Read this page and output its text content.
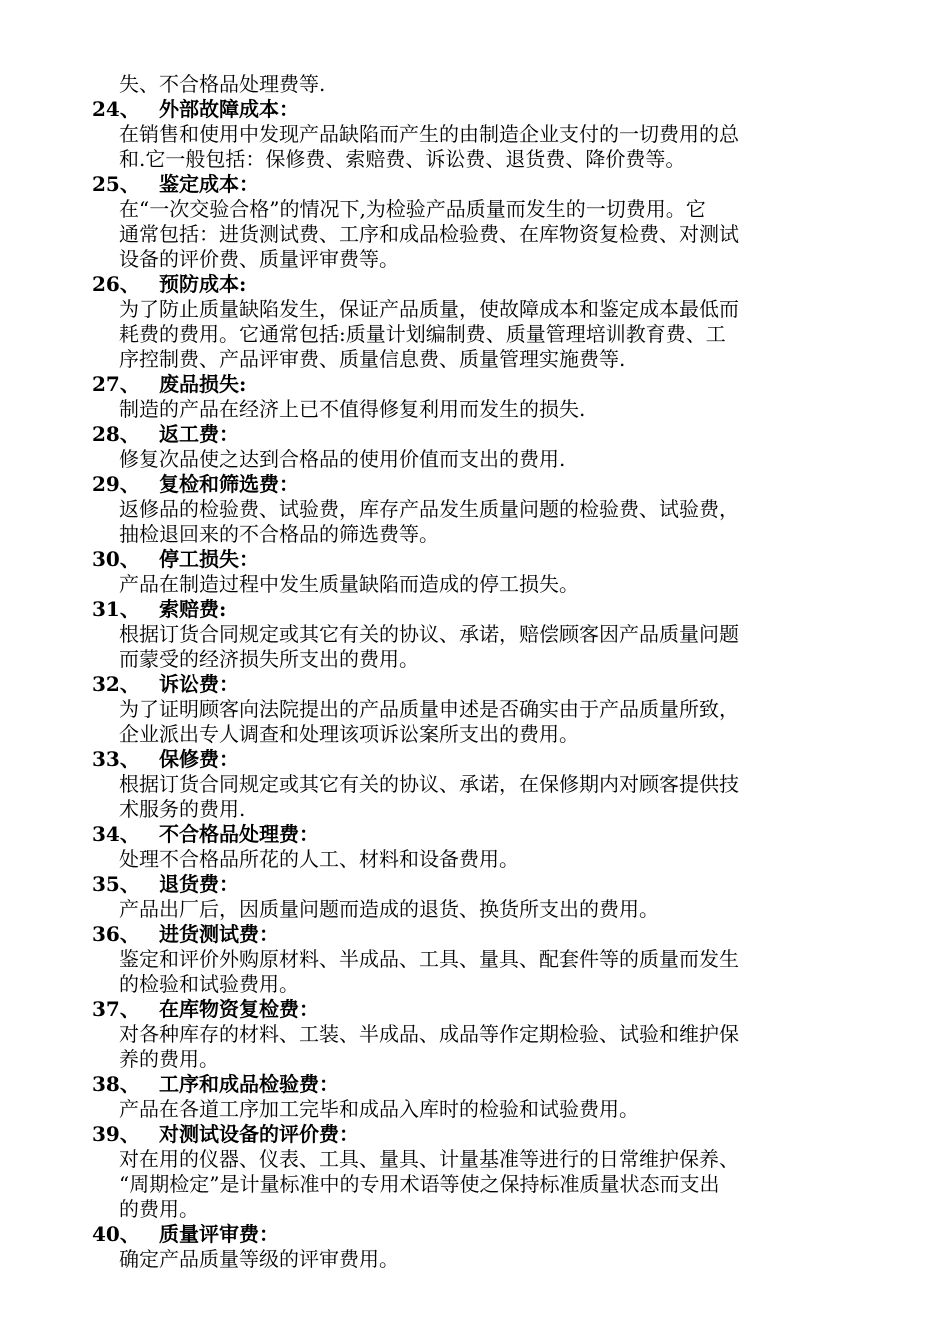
失、不合格品处理费等.
24、 外部故障成本：
在销售和使用中发现产品缺陷而产生的由制造企业支付的一切费用的总
和.它一般包括：保修费、索赔费、诉讼费、退货费、降价费等。
25、 鉴定成本：
在“一次交验合格”的情况下,为检验产品质量而发生的一切费用。它
通常包括：进货测试费、工序和成品检验费、在库物资复检费、对测试
设备的评价费、质量评审费等。
26、 预防成本:
为了防止质量缺陷发生，保证产品质量，使故障成本和鉴定成本最低而
耗费的费用。它通常包括:质量计划编制费、质量管理培训教育费、工
序控制费、产品评审费、质量信息费、质量管理实施费等.
27、 废品损失:
制造的产品在经济上已不值得修复利用而发生的损失.
28、 返工费：
修复次品使之达到合格品的使用价值而支出的费用.
29、 复检和筛选费：
返修品的检验费、试验费，库存产品发生质量问题的检验费、试验费，
抽检退回来的不合格品的筛选费等。
30、 停工损失：
产品在制造过程中发生质量缺陷而造成的停工损失。
31、 索赔费:
根据订货合同规定或其它有关的协议、承诺，赔偿顾客因产品质量问题
而蒙受的经济损失所支出的费用。
32、 诉讼费：
为了证明顾客向法院提出的产品质量申述是否确实由于产品质量所致，
企业派出专人调查和处理该项诉讼案所支出的费用。
33、 保修费：
根据订货合同规定或其它有关的协议、承诺，在保修期内对顾客提供技
术服务的费用.
34、 不合格品处理费：
处理不合格品所花的人工、材料和设备费用。
35、 退货费：
产品出厂后，因质量问题而造成的退货、换货所支出的费用。
36、 进货测试费：
鉴定和评价外购原材料、半成品、工具、量具、配套件等的质量而发生
的检验和试验费用。
37、 在库物资复检费：
对各种库存的材料、工装、半成品、成品等作定期检验、试验和维护保
养的费用。
38、 工序和成品检验费：
产品在各道工序加工完毕和成品入库时的检验和试验费用。
39、 对测试设备的评价费：
对在用的仪器、仪表、工具、量具、计量基准等进行的日常维护保养、
“周期检定”是计量标准中的专用术语等使之保持标准质量状态而支出
的费用。
40、 质量评审费：
确定产品质量等级的评审费用。
